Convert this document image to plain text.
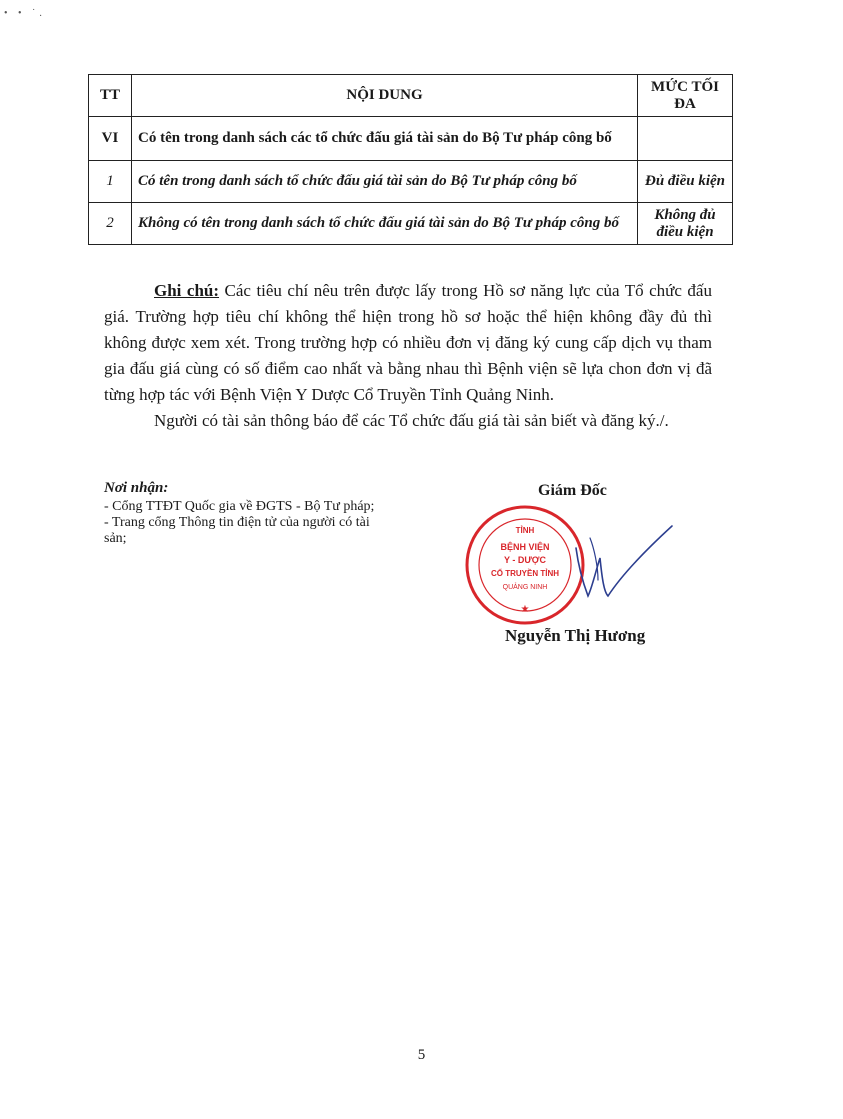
• • ˙.
TT	NỘI DUNG	MỨC TỐI ĐA
VI	Có tên trong danh sách các tổ chức đấu giá tài sản do Bộ Tư pháp công bố	
1	Có tên trong danh sách tổ chức đấu giá tài sản do Bộ Tư pháp công bố	Đủ điều kiện
2	Không có tên trong danh sách tổ chức đấu giá tài sản do Bộ Tư pháp công bố	Không đủ điều kiện

Ghi chú: Các tiêu chí nêu trên được lấy trong Hồ sơ năng lực của Tổ chức đấu giá. Trường hợp tiêu chí không thể hiện trong hồ sơ hoặc thể hiện không đầy đủ thì không được xem xét. Trong trường hợp có nhiều đơn vị đăng ký cung cấp dịch vụ tham gia đấu giá cùng có số điểm cao nhất và bằng nhau thì Bệnh viện sẽ lựa chon đơn vị đã từng hợp tác với Bệnh Viện Y Dược Cổ Truyền Tỉnh Quảng Ninh.

Người có tài sản thông báo để các Tổ chức đấu giá tài sản biết và đăng ký./.

Nơi nhận:

- Cổng TTĐT Quốc gia về ĐGTS - Bộ Tư pháp;

- Trang cổng Thông tin điện tử của người có tài sản;

Giám Đốc
TỈNH
BỆNH VIỆN
Y - DƯỢC
CỔ TRUYỀN TỈNH
QUẢNG NINH
★
Nguyễn Thị Hương
5
